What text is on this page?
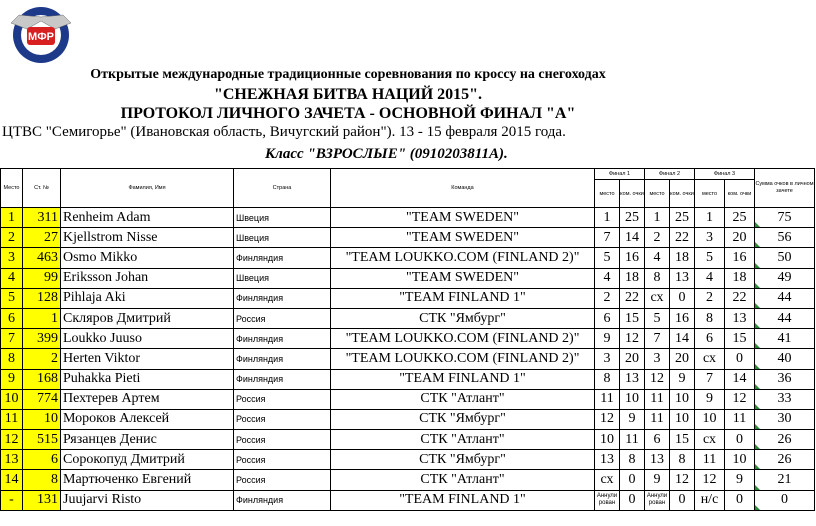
МФР
Открытые международные традиционные соревнования по кроссу на снегоходах
"СНЕЖНАЯ БИТВА НАЦИЙ 2015".
ПРОТОКОЛ ЛИЧНОГО ЗАЧЕТА - ОСНОВНОЙ ФИНАЛ "А"
ЦТВС "Семигорье" (Ивановская область, Вичугский район"). 13 - 15 февраля 2015 года.
Класс "ВЗРОСЛЫЕ" (0910203811А).
Место	Ст. №	Фамилия, Имя	Страна	Команда	Финал 1		Финал 2		Финал 3		Сумма очков в личном зачете
					место	ком. очки	место	ком. очки	место	ком. очки	
1	311	Renheim Adam	Швеция	"TEAM SWEDEN"	1	25	1	25	1	25	75
2	27	Kjellstrom Nisse	Швеция	"TEAM SWEDEN"	7	14	2	22	3	20	56
3	463	Osmo Mikko	Финляндия	"TEAM LOUKKO.COM (FINLAND 2)"	5	16	4	18	5	16	50
4	99	Eriksson Johan	Швеция	"TEAM SWEDEN"	4	18	8	13	4	18	49
5	128	Pihlaja Aki	Финляндия	"TEAM FINLAND 1"	2	22	сх	0	2	22	44
6	1	Скляров Дмитрий	Россия	СТК "Ямбург"	6	15	5	16	8	13	44
7	399	Loukko Juuso	Финляндия	"TEAM LOUKKO.COM (FINLAND 2)"	9	12	7	14	6	15	41
8	2	Herten Viktor	Финляндия	"TEAM LOUKKO.COM (FINLAND 2)"	3	20	3	20	сх	0	40
9	168	Puhakka Pieti	Финляндия	"TEAM FINLAND 1"	8	13	12	9	7	14	36
10	774	Пехтерев Артем	Россия	СТК "Атлант"	11	10	11	10	9	12	33
11	10	Мороков Алексей	Россия	СТК "Ямбург"	12	9	11	10	10	11	30
12	515	Рязанцев Денис	Россия	СТК "Атлант"	10	11	6	15	сх	0	26
13	6	Сорокопуд Дмитрий	Россия	СТК "Ямбург"	13	8	13	8	11	10	26
14	8	Мартюченко Евгений	Россия	СТК "Атлант"	сх	0	9	12	12	9	21
-	131	Juujarvi Risto	Финляндия	"TEAM FINLAND 1"	Аннули рован	0	Аннули рован	0	н/с	0	0
